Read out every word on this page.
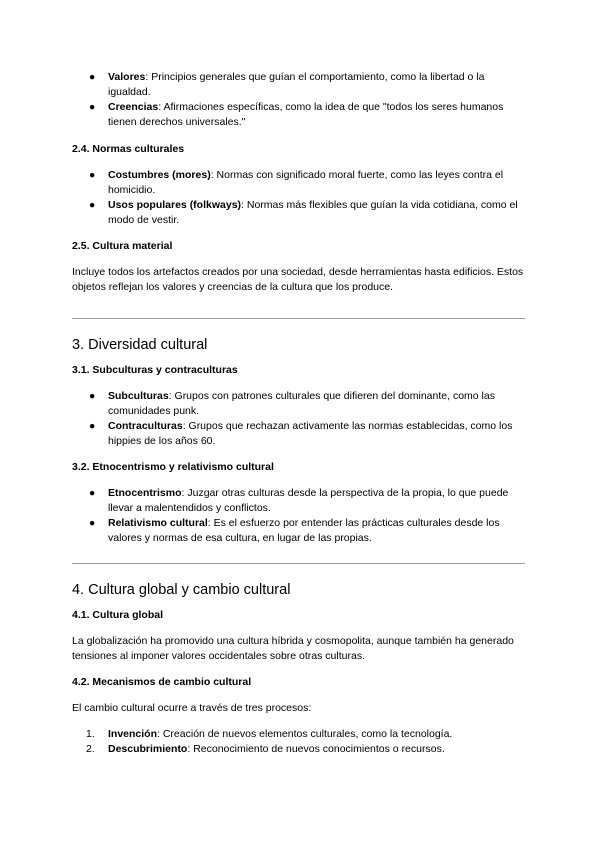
● Valores: Principios generales que guían el comportamiento, como la libertad o la igualdad.
● Creencias: Afirmaciones específicas, como la idea de que "todos los seres humanos tienen derechos universales."
2.4. Normas culturales
● Costumbres (mores): Normas con significado moral fuerte, como las leyes contra el homicidio.
● Usos populares (folkways): Normas más flexibles que guían la vida cotidiana, como el modo de vestir.
2.5. Cultura material

Incluye todos los artefactos creados por una sociedad, desde herramientas hasta edificios. Estos objetos reflejan los valores y creencias de la cultura que los produce.

3. Diversidad cultural
3.1. Subculturas y contraculturas
● Subculturas: Grupos con patrones culturales que difieren del dominante, como las comunidades punk.
● Contraculturas: Grupos que rechazan activamente las normas establecidas, como los hippies de los años 60.
3.2. Etnocentrismo y relativismo cultural
● Etnocentrismo: Juzgar otras culturas desde la perspectiva de la propia, lo que puede llevar a malentendidos y conflictos.
● Relativismo cultural: Es el esfuerzo por entender las prácticas culturales desde los valores y normas de esa cultura, en lugar de las propias.
4. Cultura global y cambio cultural
4.1. Cultura global

La globalización ha promovido una cultura híbrida y cosmopolita, aunque también ha generado tensiones al imponer valores occidentales sobre otras culturas.

4.2. Mecanismos de cambio cultural

El cambio cultural ocurre a través de tres procesos:

1. Invención: Creación de nuevos elementos culturales, como la tecnología.
2. Descubrimiento: Reconocimiento de nuevos conocimientos o recursos.
